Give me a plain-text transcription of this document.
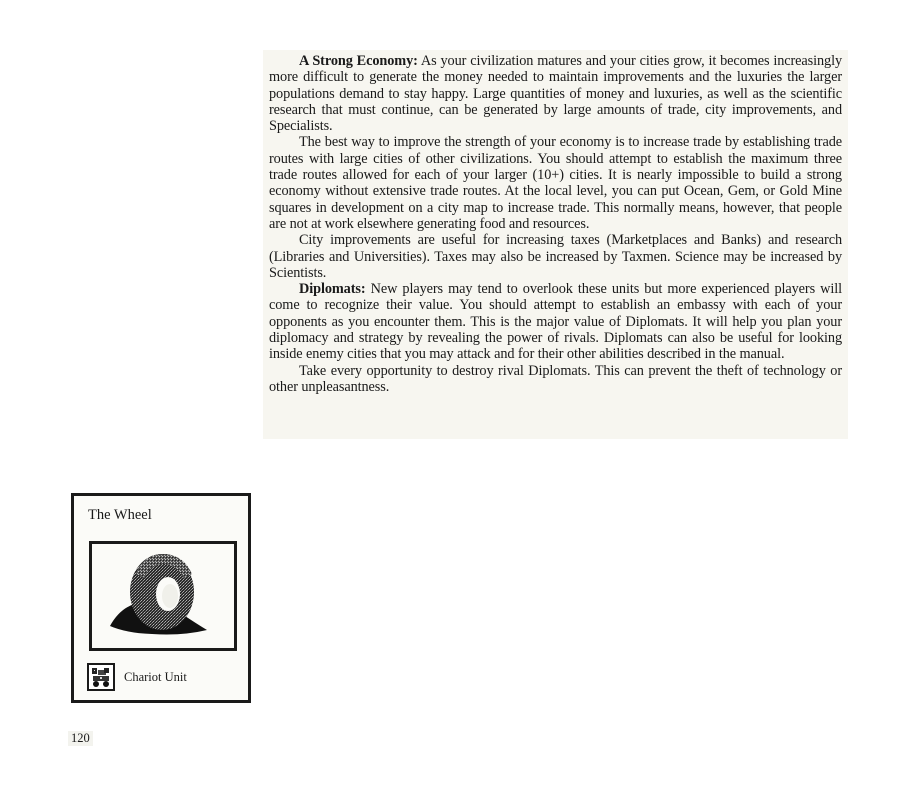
A Strong Economy: As your civilization matures and your cities grow, it becomes increasingly more difficult to generate the money needed to maintain improvements and the luxuries the larger populations demand to stay happy. Large quantities of money and luxuries, as well as the scientific research that must continue, can be generated by large amounts of trade, city improvements, and Specialists.

The best way to improve the strength of your economy is to increase trade by establishing trade routes with large cities of other civilizations. You should attempt to establish the maximum three trade routes allowed for each of your larger (10+) cities. It is nearly impossible to build a strong economy without extensive trade routes. At the local level, you can put Ocean, Gem, or Gold Mine squares in development on a city map to increase trade. This normally means, however, that people are not at work elsewhere generating food and resources.

City improvements are useful for increasing taxes (Marketplaces and Banks) and research (Libraries and Universities). Taxes may also be increased by Taxmen. Science may be increased by Scientists.

Diplomats: New players may tend to overlook these units but more experienced players will come to recognize their value. You should attempt to establish an embassy with each of your opponents as you encounter them. This is the major value of Diplomats. It will help you plan your diplomacy and strategy by revealing the power of rivals. Diplomats can also be useful for looking inside enemy cities that you may attack and for their other abilities described in the manual.

Take every opportunity to destroy rival Diplomats. This can prevent the theft of technology or other unpleasantness.

The Wheel
Chariot Unit
120
